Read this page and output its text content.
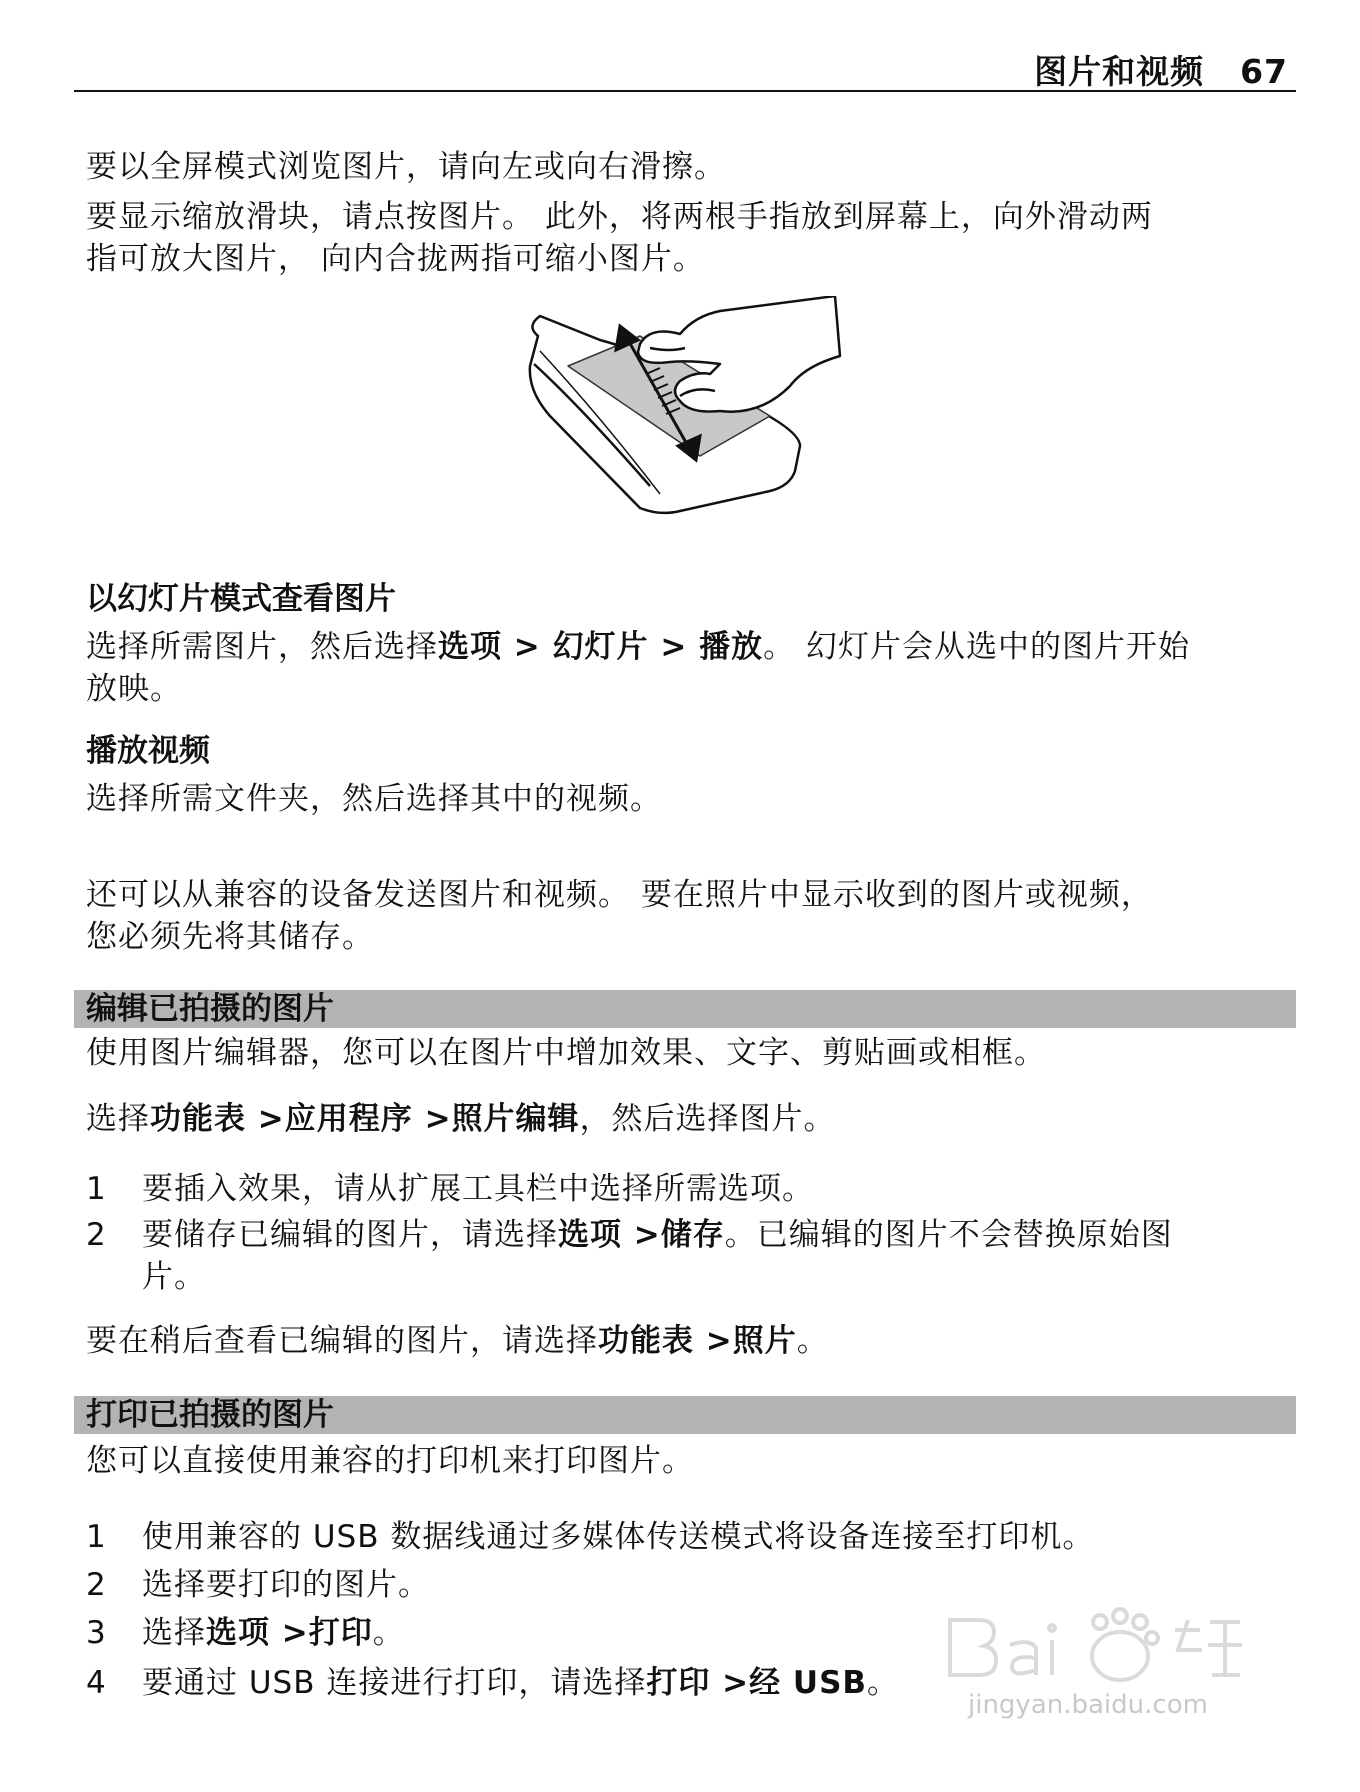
图片和视频 67
要以全屏模式浏览图片，请向左或向右滑擦。
要显示缩放滑块，请点按图片。 此外，将两根手指放到屏幕上，向外滑动两
指可放大图片， 向内合拢两指可缩小图片。
以幻灯片模式查看图片
选择所需图片，然后选择选项 > 幻灯片 > 播放。 幻灯片会从选中的图片开始
放映。
播放视频
选择所需文件夹，然后选择其中的视频。
还可以从兼容的设备发送图片和视频。 要在照片中显示收到的图片或视频，
您必须先将其储存。
编辑已拍摄的图片
使用图片编辑器，您可以在图片中增加效果、文字、剪贴画或相框。
选择功能表 >应用程序 >照片编辑，然后选择图片。
1 要插入效果，请从扩展工具栏中选择所需选项。
2 要储存已编辑的图片，请选择选项 >储存。已编辑的图片不会替换原始图
片。
要在稍后查看已编辑的图片，请选择功能表 >照片。
打印已拍摄的图片
您可以直接使用兼容的打印机来打印图片。
1 使用兼容的 USB 数据线通过多媒体传送模式将设备连接至打印机。
2 选择要打印的图片。
3 选择选项 >打印。
4 要通过 USB 连接进行打印，请选择打印 >经 USB。
jingyan.baidu.com
